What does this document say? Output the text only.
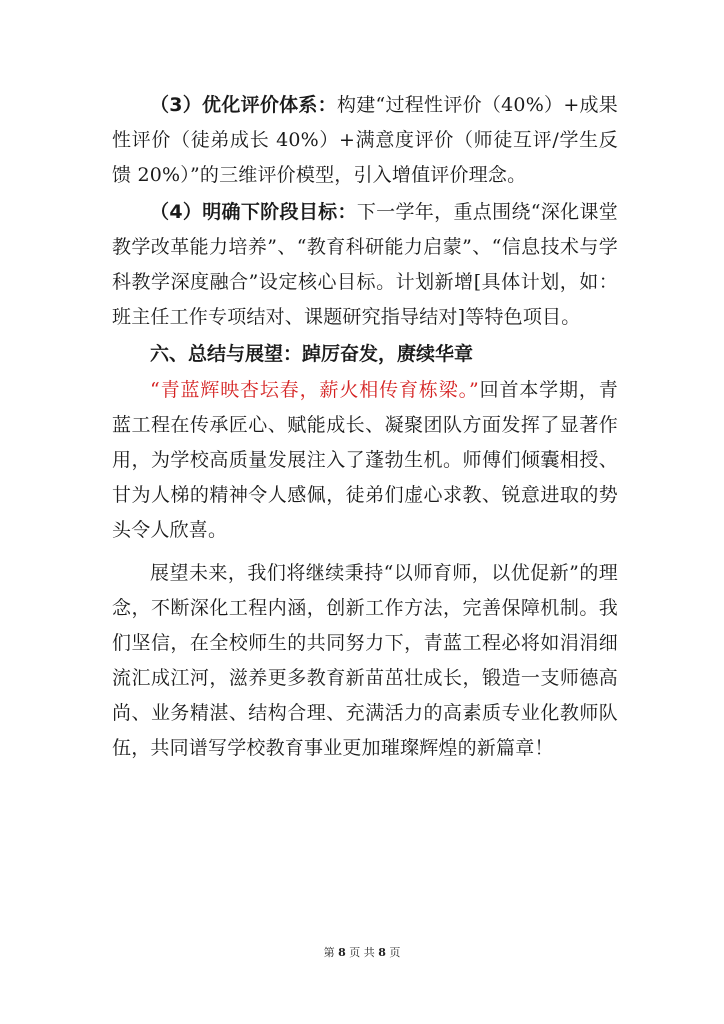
（3）优化评价体系：构建“过程性评价（40%）+成果性评价（徒弟成长 40%）+满意度评价（师徒互评/学生反馈 20%）”的三维评价模型，引入增值评价理念。

（4）明确下阶段目标：下一学年，重点围绕“深化课堂教学改革能力培养”、“教育科研能力启蒙”、“信息技术与学科教学深度融合”设定核心目标。计划新增[具体计划，如：班主任工作专项结对、课题研究指导结对]等特色项目。

六、总结与展望：踔厉奋发，赓续华章

“青蓝辉映杏坛春，薪火相传育栋梁。”回首本学期，青蓝工程在传承匠心、赋能成长、凝聚团队方面发挥了显著作用，为学校高质量发展注入了蓬勃生机。师傅们倾囊相授、甘为人梯的精神令人感佩，徒弟们虚心求教、锐意进取的势头令人欣喜。

展望未来，我们将继续秉持“以师育师，以优促新”的理念，不断深化工程内涵，创新工作方法，完善保障机制。我们坚信，在全校师生的共同努力下，青蓝工程必将如涓涓细流汇成江河，滋养更多教育新苗茁壮成长，锻造一支师德高尚、业务精湛、结构合理、充满活力的高素质专业化教师队伍，共同谱写学校教育事业更加璀璨辉煌的新篇章！

第 8 页 共 8 页
